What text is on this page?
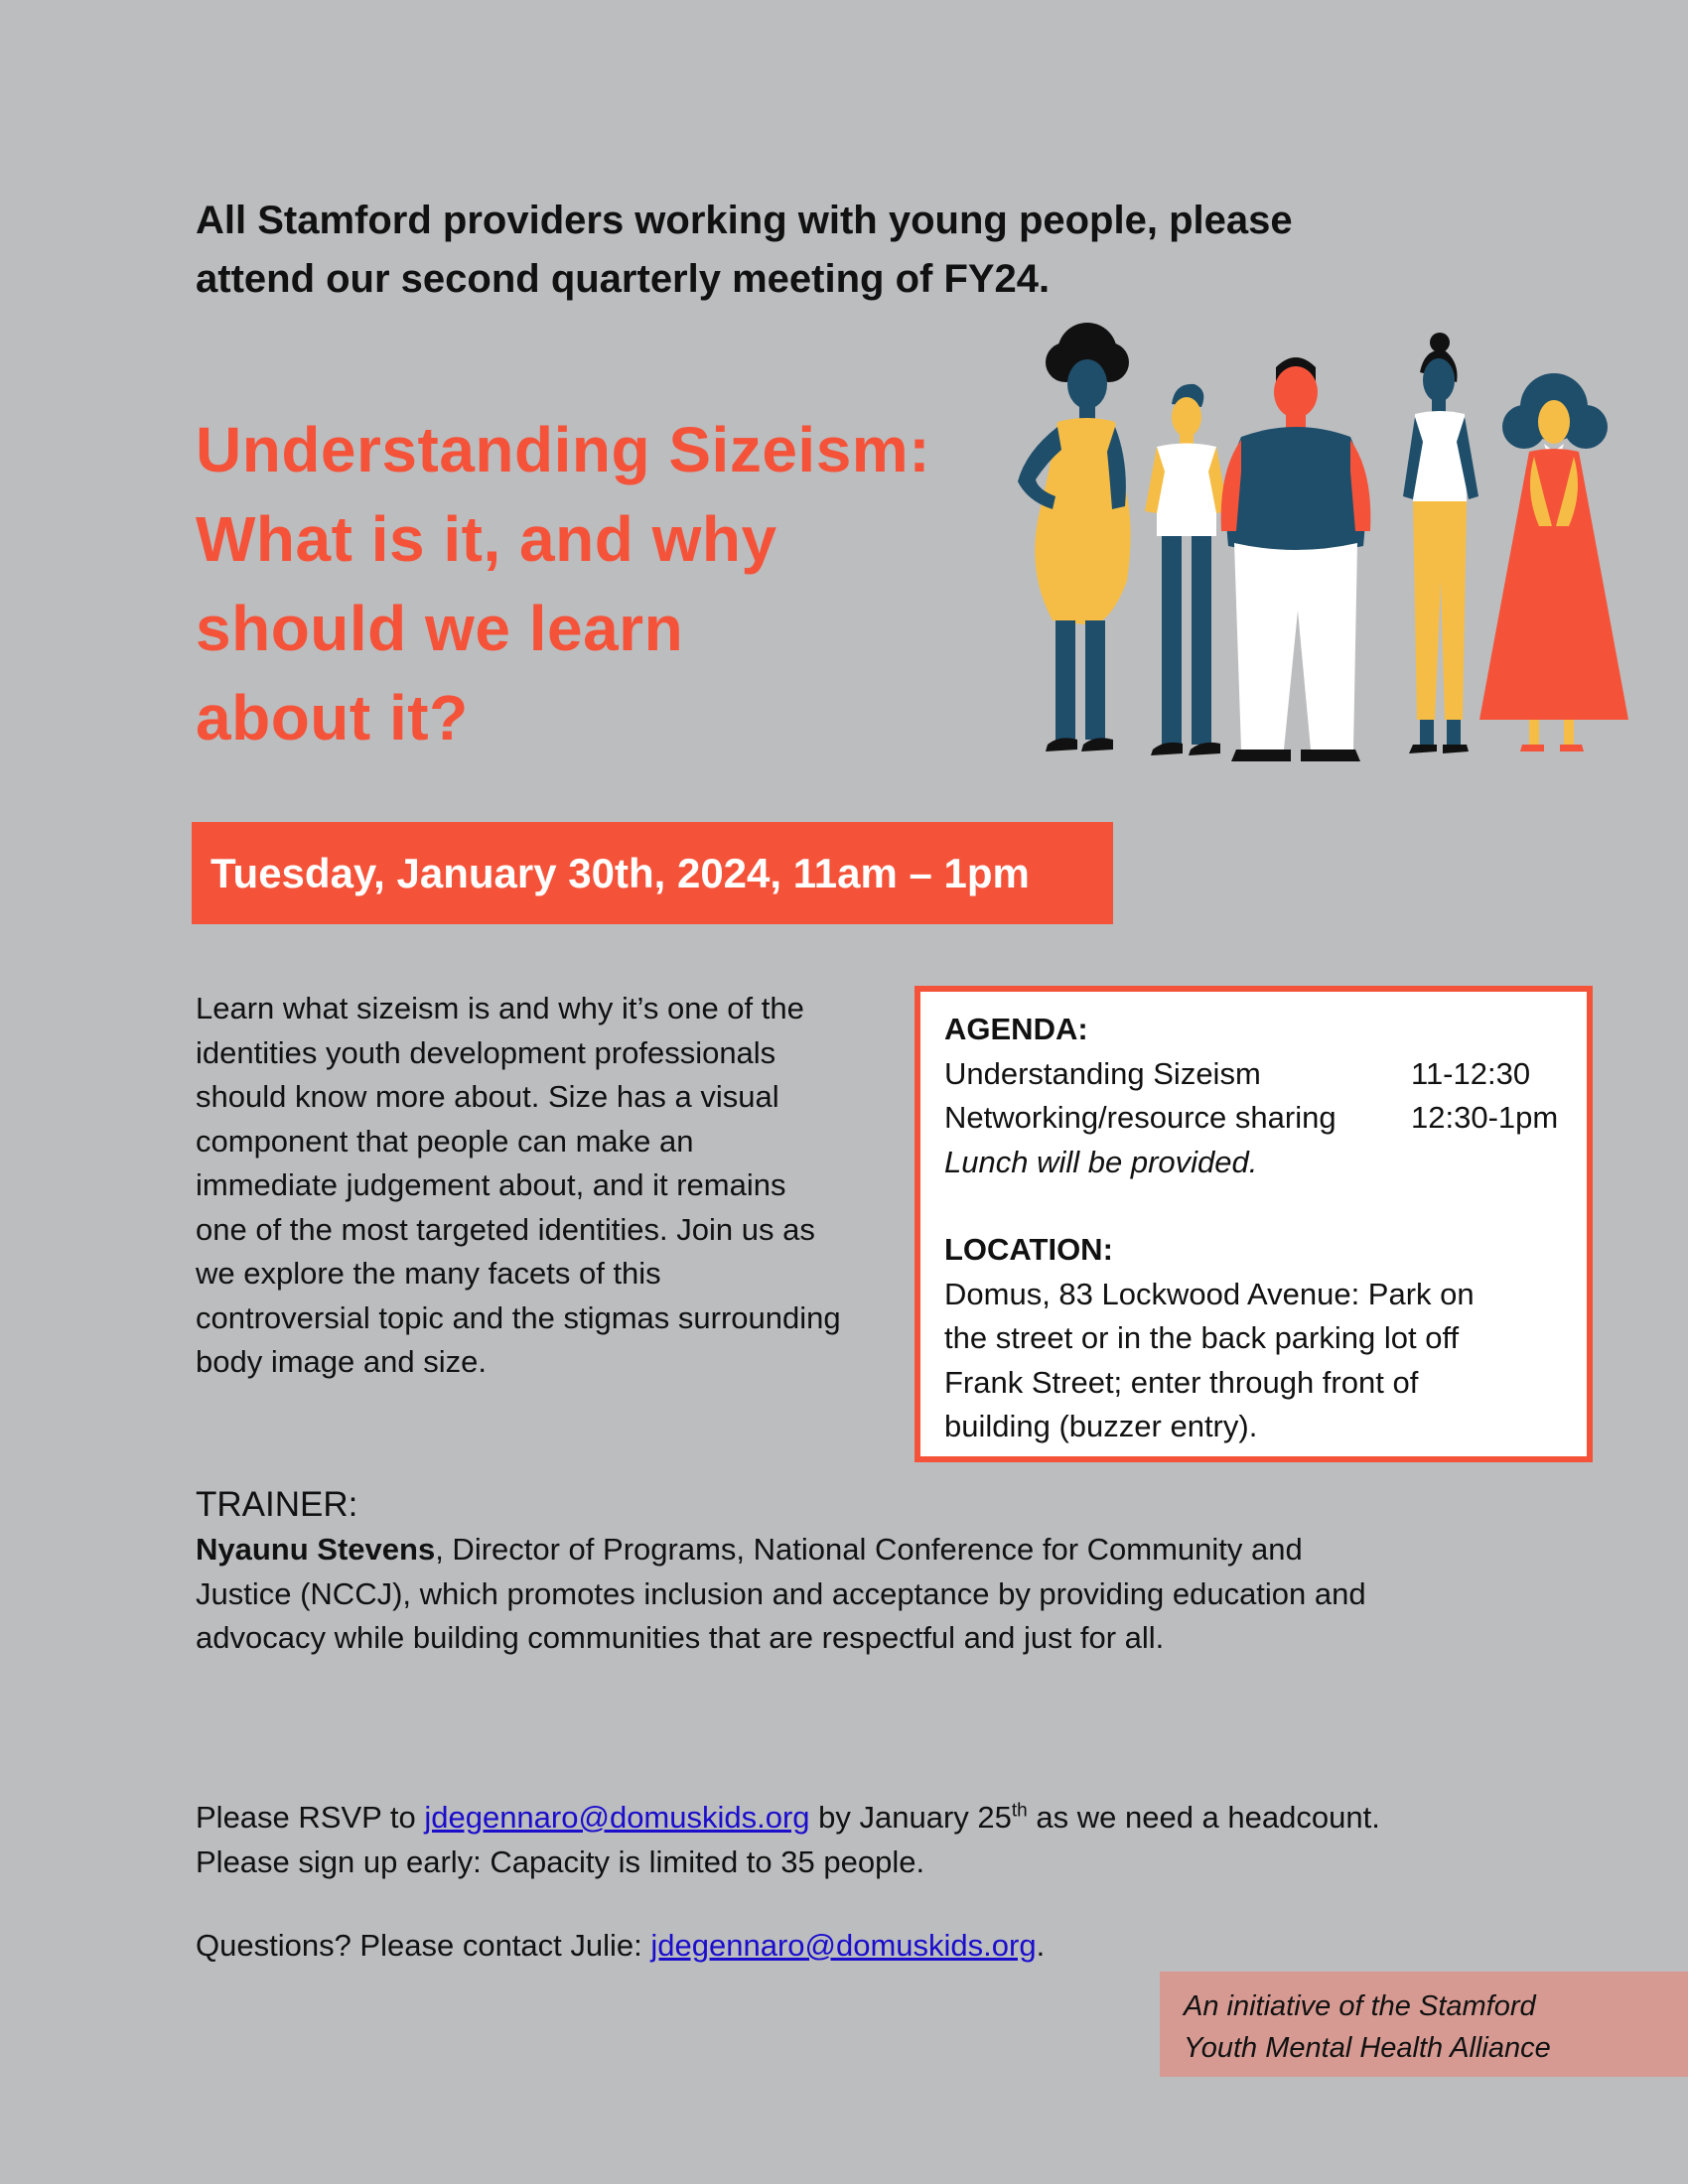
All Stamford providers working with young people, please
attend our second quarterly meeting of FY24.
Understanding Sizeism:
What is it, and why
should we learn
about it?
Tuesday, January 30th, 2024, 11am – 1pm
Learn what sizeism is and why it’s one of the
identities youth development professionals
should know more about. Size has a visual
component that people can make an
immediate judgement about, and it remains
one of the most targeted identities. Join us as
we explore the many facets of this
controversial topic and the stigmas surrounding
body image and size.
AGENDA:
Understanding Sizeism	11-12:30
Networking/resource sharing	12:30-1pm
Lunch will be provided.
LOCATION:
Domus, 83 Lockwood Avenue: Park on
the street or in the back parking lot off
Frank Street; enter through front of
building (buzzer entry).
TRAINER:
Nyaunu Stevens, Director of Programs, National Conference for Community and
Justice (NCCJ), which promotes inclusion and acceptance by providing education and
advocacy while building communities that are respectful and just for all.
Please RSVP to jdegennaro@domuskids.org by January 25th as we need a headcount.
Please sign up early: Capacity is limited to 35 people.
Questions? Please contact Julie: jdegennaro@domuskids.org.
An initiative of the Stamford
Youth Mental Health Alliance
